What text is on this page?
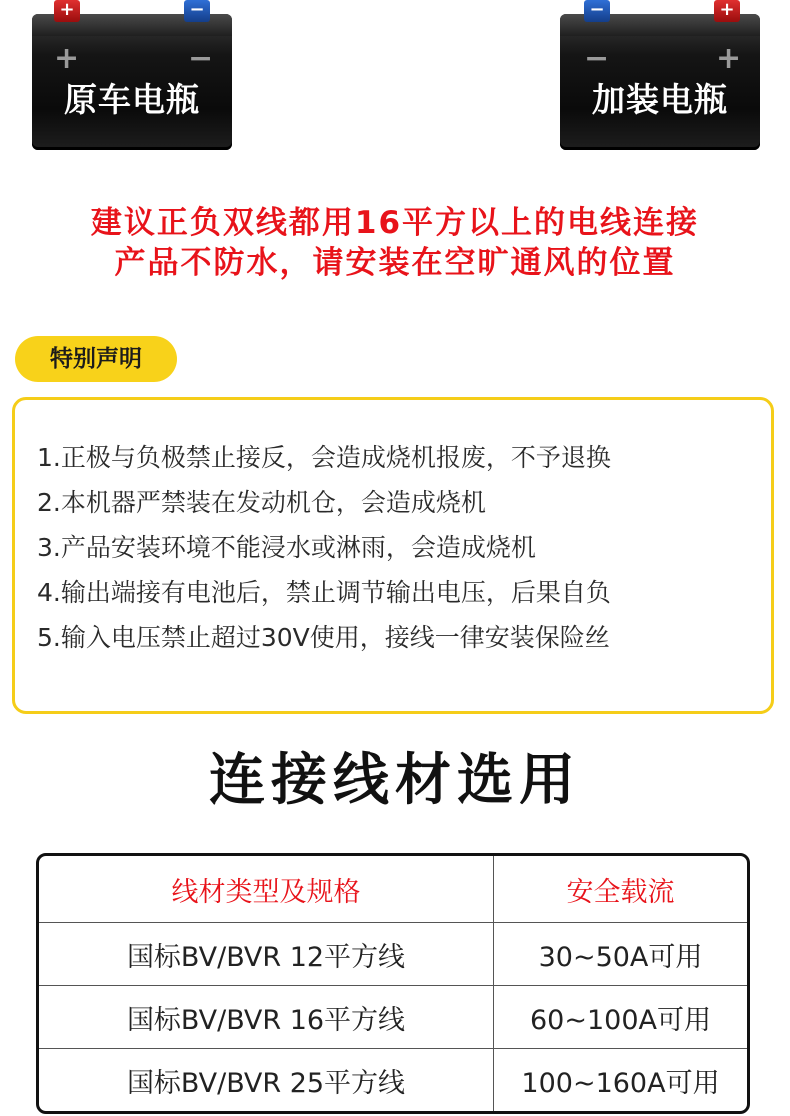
+	−
+	−
原车电瓶
−	+
−	+
加装电瓶
建议正负双线都用16平方以上的电线连接
产品不防水，请安装在空旷通风的位置
特别声明
1.正极与负极禁止接反，会造成烧机报废，不予退换
2.本机器严禁装在发动机仓，会造成烧机
3.产品安装环境不能浸水或淋雨，会造成烧机
4.输出端接有电池后，禁止调节输出电压，后果自负
5.输入电压禁止超过30V使用，接线一律安装保险丝
连接线材选用
线材类型及规格	安全载流
国标BV/BVR 12平方线	30~50A可用
国标BV/BVR 16平方线	60~100A可用
国标BV/BVR 25平方线	100~160A可用
